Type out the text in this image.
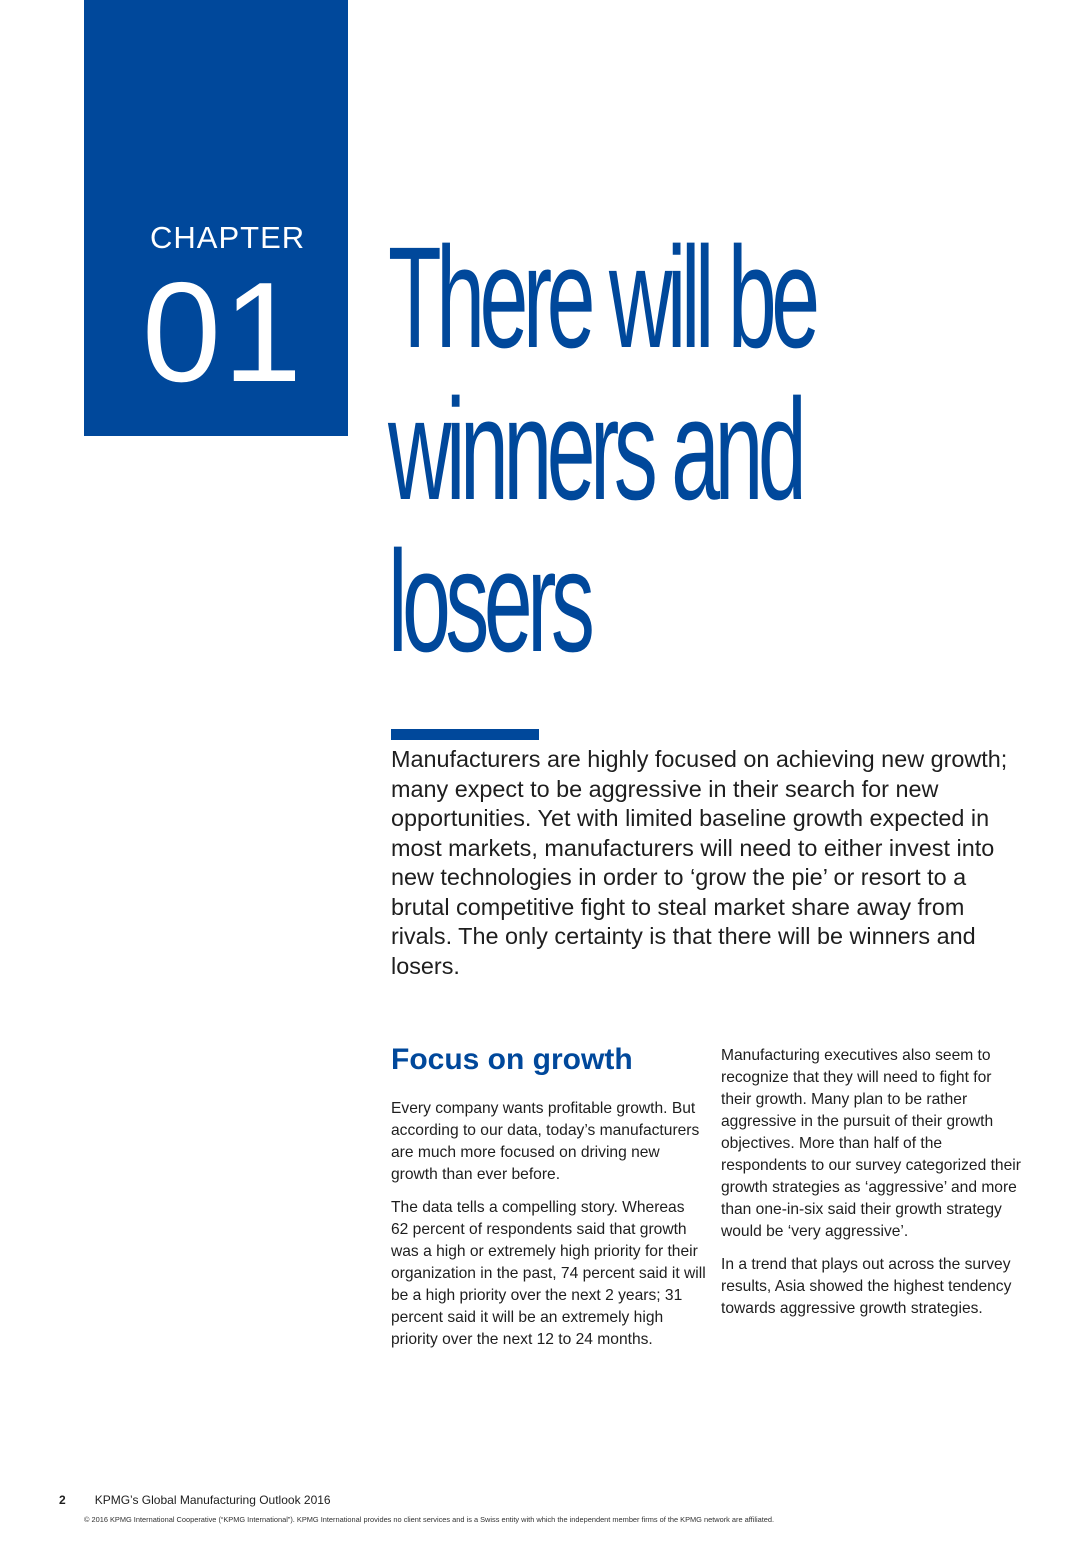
CHAPTER
01 There will be
winners and
losers

Manufacturers are highly focused on achieving new growth; many expect to be aggressive in their search for new opportunities. Yet with limited baseline growth expected in most markets, manufacturers will need to either invest into new technologies in order to ‘grow the pie’ or resort to a brutal competitive fight to steal market share away from rivals. The only certainty is that there will be winners and losers.

Focus on growth

Every company wants profitable growth. But according to our data, today’s manufacturers are much more focused on driving new growth than ever before.

The data tells a compelling story. Whereas 62 percent of respondents said that growth was a high or extremely high priority for their organization in the past, 74 percent said it will be a high priority over the next 2 years; 31 percent said it will be an extremely high priority over the next 12 to 24 months.

Manufacturing executives also seem to recognize that they will need to fight for their growth. Many plan to be rather aggressive in the pursuit of their growth objectives. More than half of the respondents to our survey categorized their growth strategies as ‘aggressive’ and more than one-in-six said their growth strategy would be ‘very aggressive’.

In a trend that plays out across the survey results, Asia showed the highest tendency towards aggressive growth strategies.

2 KPMG’s Global Manufacturing Outlook 2016
© 2016 KPMG International Cooperative (“KPMG International”). KPMG International provides no client services and is a Swiss entity with which the independent member firms of the KPMG network are affiliated.
